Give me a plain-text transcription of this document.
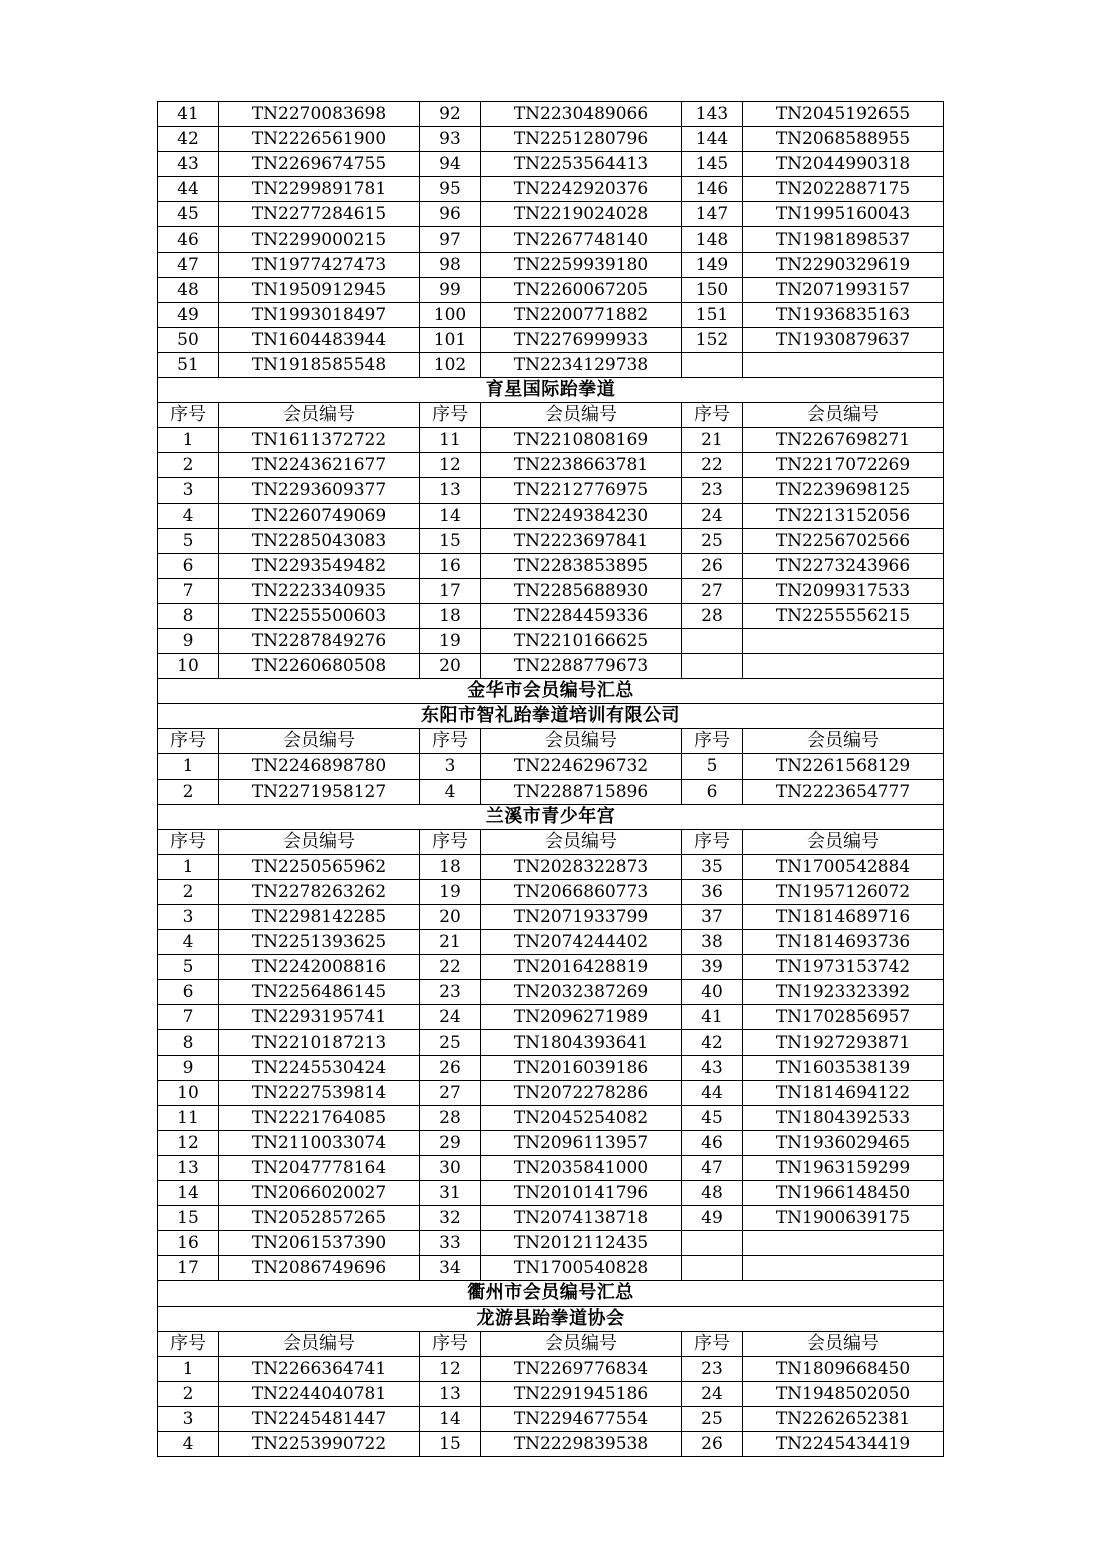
41	TN2270083698	92	TN2230489066	143	TN2045192655
42	TN2226561900	93	TN2251280796	144	TN2068588955
43	TN2269674755	94	TN2253564413	145	TN2044990318
44	TN2299891781	95	TN2242920376	146	TN2022887175
45	TN2277284615	96	TN2219024028	147	TN1995160043
46	TN2299000215	97	TN2267748140	148	TN1981898537
47	TN1977427473	98	TN2259939180	149	TN2290329619
48	TN1950912945	99	TN2260067205	150	TN2071993157
49	TN1993018497	100	TN2200771882	151	TN1936835163
50	TN1604483944	101	TN2276999933	152	TN1930879637
51	TN1918585548	102	TN2234129738		
育星国际跆拳道					
序号	会员编号	序号	会员编号	序号	会员编号
1	TN1611372722	11	TN2210808169	21	TN2267698271
2	TN2243621677	12	TN2238663781	22	TN2217072269
3	TN2293609377	13	TN2212776975	23	TN2239698125
4	TN2260749069	14	TN2249384230	24	TN2213152056
5	TN2285043083	15	TN2223697841	25	TN2256702566
6	TN2293549482	16	TN2283853895	26	TN2273243966
7	TN2223340935	17	TN2285688930	27	TN2099317533
8	TN2255500603	18	TN2284459336	28	TN2255556215
9	TN2287849276	19	TN2210166625		
10	TN2260680508	20	TN2288779673		
金华市会员编号汇总					
东阳市智礼跆拳道培训有限公司					
序号	会员编号	序号	会员编号	序号	会员编号
1	TN2246898780	3	TN2246296732	5	TN2261568129
2	TN2271958127	4	TN2288715896	6	TN2223654777
兰溪市青少年宫					
序号	会员编号	序号	会员编号	序号	会员编号
1	TN2250565962	18	TN2028322873	35	TN1700542884
2	TN2278263262	19	TN2066860773	36	TN1957126072
3	TN2298142285	20	TN2071933799	37	TN1814689716
4	TN2251393625	21	TN2074244402	38	TN1814693736
5	TN2242008816	22	TN2016428819	39	TN1973153742
6	TN2256486145	23	TN2032387269	40	TN1923323392
7	TN2293195741	24	TN2096271989	41	TN1702856957
8	TN2210187213	25	TN1804393641	42	TN1927293871
9	TN2245530424	26	TN2016039186	43	TN1603538139
10	TN2227539814	27	TN2072278286	44	TN1814694122
11	TN2221764085	28	TN2045254082	45	TN1804392533
12	TN2110033074	29	TN2096113957	46	TN1936029465
13	TN2047778164	30	TN2035841000	47	TN1963159299
14	TN2066020027	31	TN2010141796	48	TN1966148450
15	TN2052857265	32	TN2074138718	49	TN1900639175
16	TN2061537390	33	TN2012112435		
17	TN2086749696	34	TN1700540828		
衢州市会员编号汇总					
龙游县跆拳道协会					
序号	会员编号	序号	会员编号	序号	会员编号
1	TN2266364741	12	TN2269776834	23	TN1809668450
2	TN2244040781	13	TN2291945186	24	TN1948502050
3	TN2245481447	14	TN2294677554	25	TN2262652381
4	TN2253990722	15	TN2229839538	26	TN2245434419
